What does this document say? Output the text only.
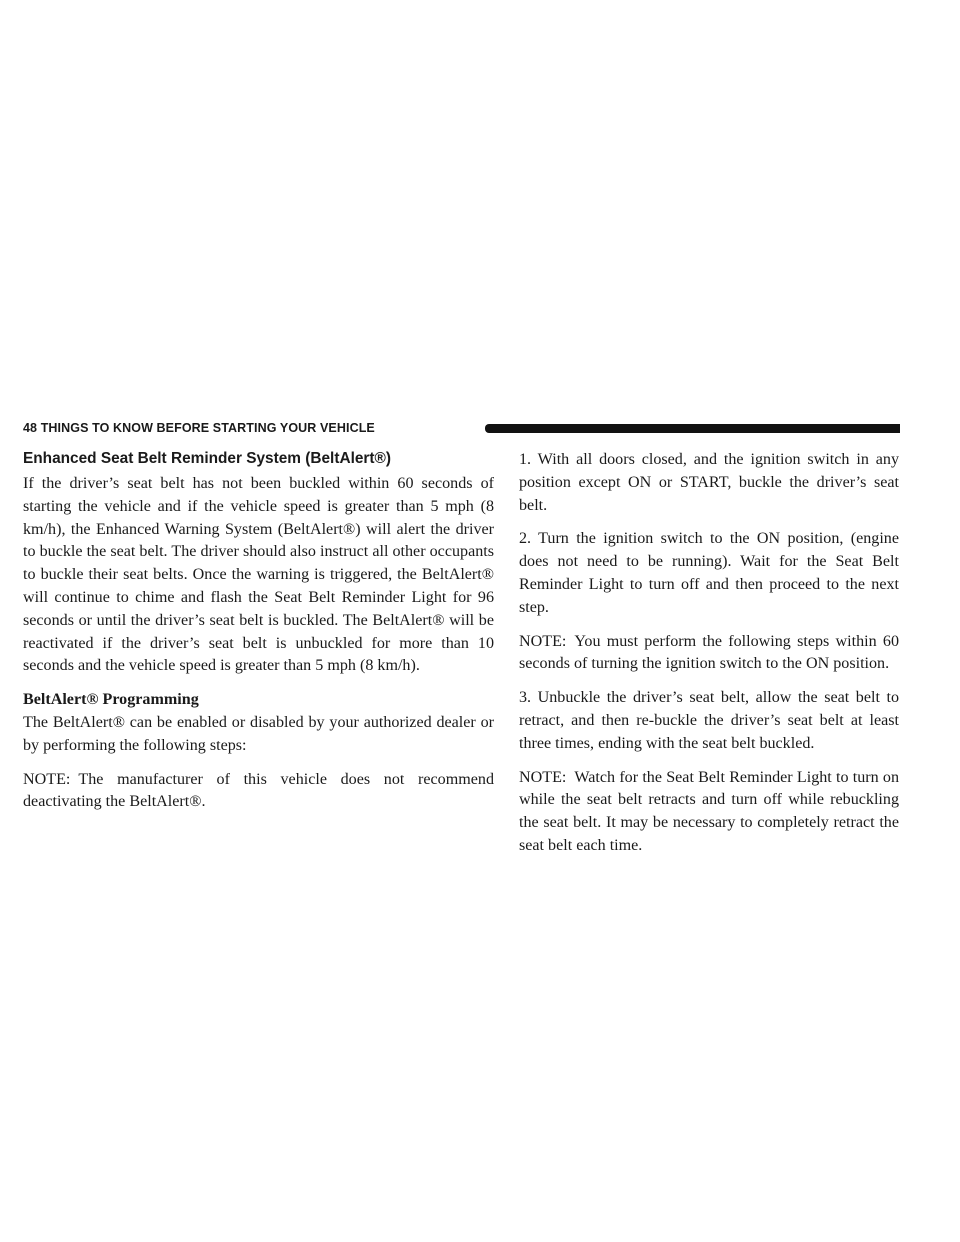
48 THINGS TO KNOW BEFORE STARTING YOUR VEHICLE
Enhanced Seat Belt Reminder System (BeltAlert®)

If the driver’s seat belt has not been buckled within 60 seconds of starting the vehicle and if the vehicle speed is greater than 5 mph (8 km/h), the Enhanced Warning System (BeltAlert®) will alert the driver to buckle the seat belt. The driver should also instruct all other occupants to buckle their seat belts. Once the warning is triggered, the BeltAlert® will continue to chime and flash the Seat Belt Reminder Light for 96 seconds or until the driver’s seat belt is buckled. The BeltAlert® will be reactivated if the driver’s seat belt is unbuckled for more than 10 seconds and the vehicle speed is greater than 5 mph (8 km/h).

BeltAlert® Programming

The BeltAlert® can be enabled or disabled by your authorized dealer or by performing the following steps:

NOTE: The manufacturer of this vehicle does not recommend deactivating the BeltAlert®.

1. With all doors closed, and the ignition switch in any position except ON or START, buckle the driver’s seat belt.

2. Turn the ignition switch to the ON position, (engine does not need to be running). Wait for the Seat Belt Reminder Light to turn off and then proceed to the next step.

NOTE: You must perform the following steps within 60 seconds of turning the ignition switch to the ON position.

3. Unbuckle the driver’s seat belt, allow the seat belt to retract, and then re-buckle the driver’s seat belt at least three times, ending with the seat belt buckled.

NOTE: Watch for the Seat Belt Reminder Light to turn on while the seat belt retracts and turn off while rebuckling the seat belt. It may be necessary to completely retract the seat belt each time.
